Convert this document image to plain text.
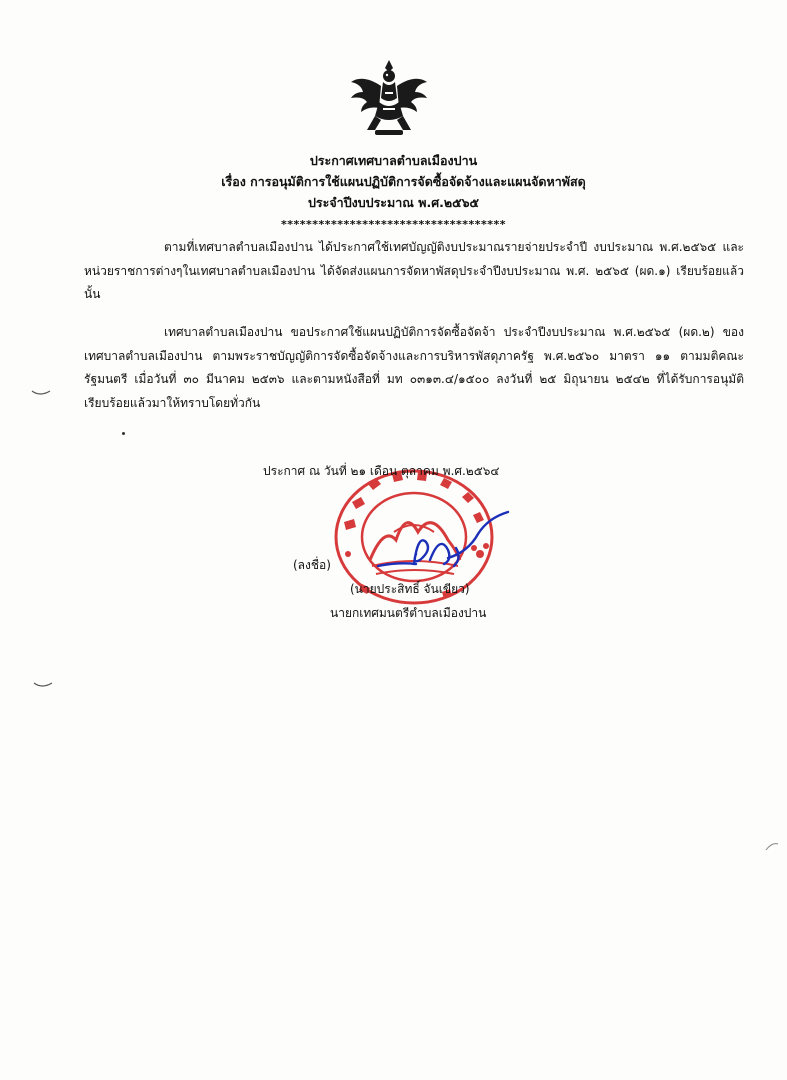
ประกาศเทศบาลตำบลเมืองปาน
เรื่อง การอนุมัติการใช้แผนปฏิบัติการจัดซื้อจัดจ้างและแผนจัดหาพัสดุ
ประจำปีงบประมาณ พ.ศ.๒๕๖๕
************************************
ตามที่เทศบาลตำบลเมืองปาน ได้ประกาศใช้เทศบัญญัติงบประมาณรายจ่ายประจำปี งบประมาณ พ.ศ.๒๕๖๕ และหน่วยราชการต่างๆในเทศบาลตำบลเมืองปาน ได้จัดส่งแผนการจัดหาพัสดุประจำปีงบประมาณ พ.ศ. ๒๕๖๕ (ผด.๑) เรียบร้อยแล้ว นั้น
เทศบาลตำบลเมืองปาน ขอประกาศใช้แผนปฏิบัติการจัดซื้อจัดจ้า ประจำปีงบประมาณ พ.ศ.๒๕๖๕ (ผด.๒) ของเทศบาลตำบลเมืองปาน ตามพระราชบัญญัติการจัดซื้อจัดจ้างและการบริหารพัสดุภาครัฐ พ.ศ.๒๕๖๐ มาตรา ๑๑ ตามมติคณะรัฐมนตรี เมื่อวันที่ ๓๐ มีนาคม ๒๕๓๖ และตามหนังสือที่ มท ๐๓๑๓.๔/๑๕๐๐ ลงวันที่ ๒๕ มิถุนายน ๒๕๔๒ ที่ได้รับการอนุมัติเรียบร้อยแล้วมาให้ทราบโดยทั่วกัน
ประกาศ ณ วันที่ ๒๑ เดือน ตุลาคม พ.ศ.๒๕๖๔
(ลงชื่อ)
(นายประสิทธิ์ จันเขียว)
นายกเทศมนตรีตำบลเมืองปาน
